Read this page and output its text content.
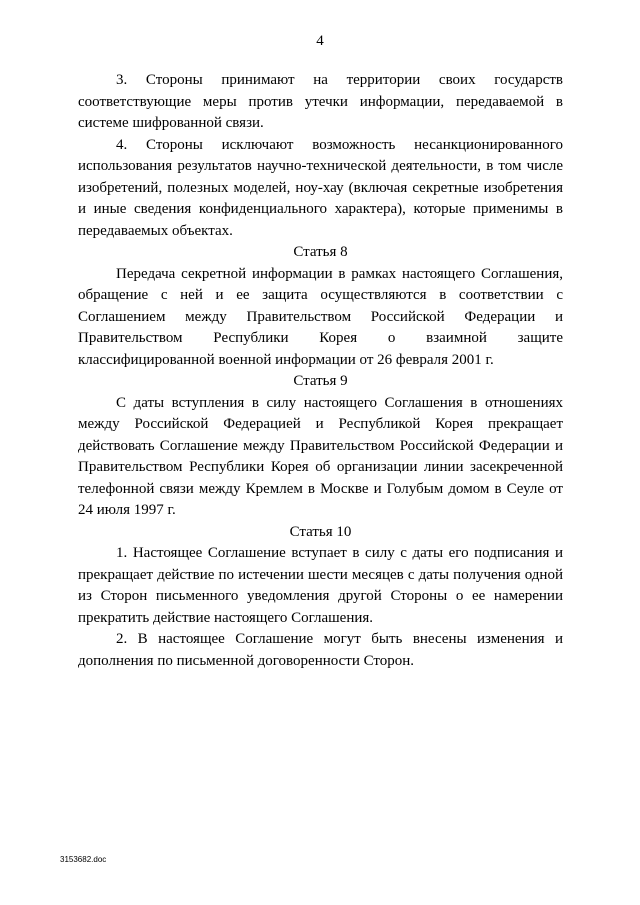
4

3. Стороны принимают на территории своих государств соответствующие меры против утечки информации, передаваемой в системе шифрованной связи.

4. Стороны исключают возможность несанкционированного использования результатов научно-технической деятельности, в том числе изобретений, полезных моделей, ноу-хау (включая секретные изобретения и иные сведения конфиденциального характера), которые применимы в передаваемых объектах.

Статья 8

Передача секретной информации в рамках настоящего Соглашения, обращение с ней и ее защита осуществляются в соответствии с Соглашением между Правительством Российской Федерации и Правительством Республики Корея о взаимной защите классифицированной военной информации от 26 февраля 2001 г.

Статья 9

С даты вступления в силу настоящего Соглашения в отношениях между Российской Федерацией и Республикой Корея прекращает действовать Соглашение между Правительством Российской Федерации и Правительством Республики Корея об организации линии засекреченной телефонной связи между Кремлем в Москве и Голубым домом в Сеуле от 24 июля 1997 г.

Статья 10

1. Настоящее Соглашение вступает в силу с даты его подписания и прекращает действие по истечении шести месяцев с даты получения одной из Сторон письменного уведомления другой Стороны о ее намерении прекратить действие настоящего Соглашения.

2. В настоящее Соглашение могут быть внесены изменения и дополнения по письменной договоренности Сторон.

3153682.doc
